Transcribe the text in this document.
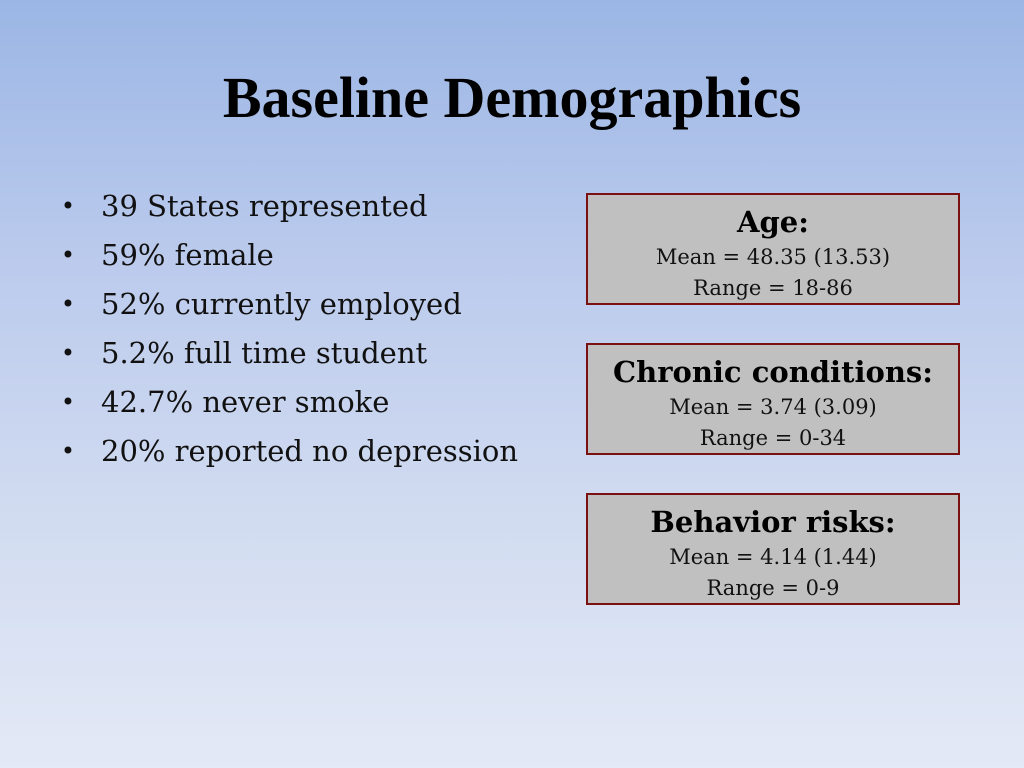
Baseline Demographics
• 39 States represented
• 59% female
• 52% currently employed
• 5.2% full time student
• 42.7% never smoke
• 20% reported no depression
Age:
Mean = 48.35 (13.53)
Range = 18-86
Chronic conditions:
Mean = 3.74 (3.09)
Range = 0-34
Behavior risks:
Mean = 4.14 (1.44)
Range = 0-9
